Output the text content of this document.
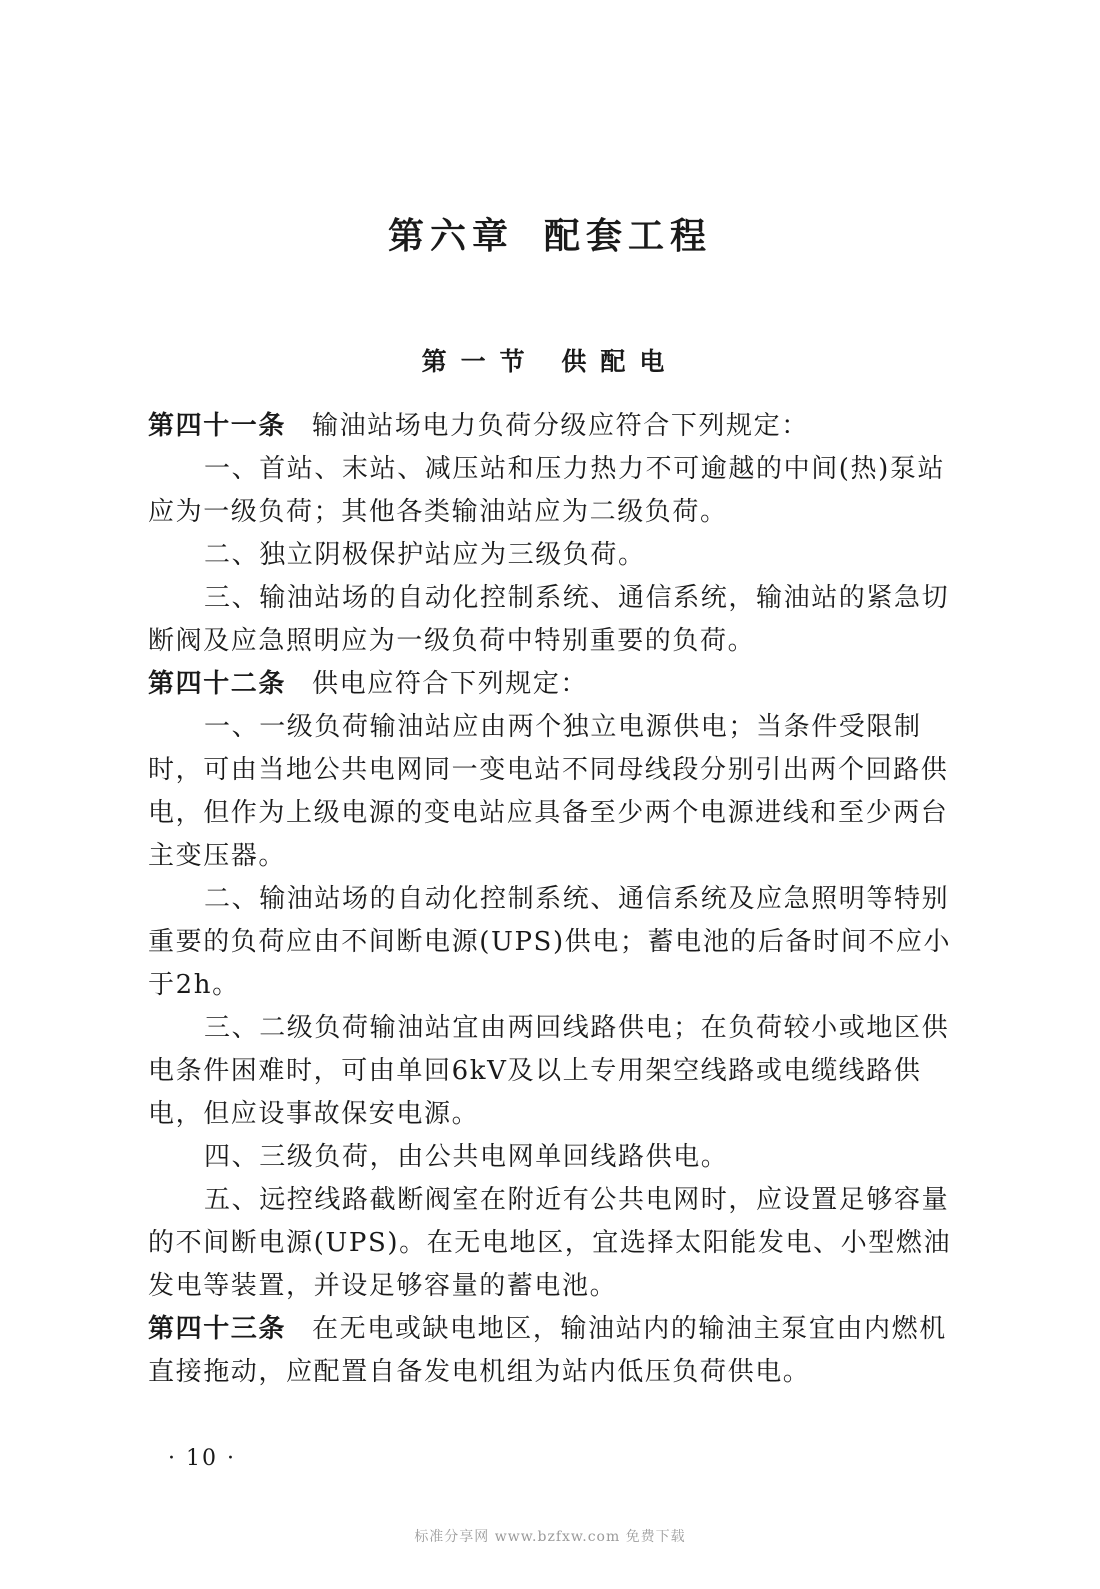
第六章 配套工程
第一节 供配电

第四十一条 输油站场电力负荷分级应符合下列规定：

一、首站、末站、减压站和压力热力不可逾越的中间(热)泵站应为一级负荷；其他各类输油站应为二级负荷。

二、独立阴极保护站应为三级负荷。

三、输油站场的自动化控制系统、通信系统，输油站的紧急切断阀及应急照明应为一级负荷中特别重要的负荷。

第四十二条 供电应符合下列规定：

一、一级负荷输油站应由两个独立电源供电；当条件受限制时，可由当地公共电网同一变电站不同母线段分别引出两个回路供电，但作为上级电源的变电站应具备至少两个电源进线和至少两台主变压器。

二、输油站场的自动化控制系统、通信系统及应急照明等特别重要的负荷应由不间断电源(UPS)供电；蓄电池的后备时间不应小于2h。

三、二级负荷输油站宜由两回线路供电；在负荷较小或地区供电条件困难时，可由单回6kV及以上专用架空线路或电缆线路供电，但应设事故保安电源。

四、三级负荷，由公共电网单回线路供电。

五、远控线路截断阀室在附近有公共电网时，应设置足够容量的不间断电源(UPS)。在无电地区，宜选择太阳能发电、小型燃油发电等装置，并设足够容量的蓄电池。

第四十三条 在无电或缺电地区，输油站内的输油主泵宜由内燃机直接拖动，应配置自备发电机组为站内低压负荷供电。

· 10 ·
标准分享网 www.bzfxw.com 免费下载
